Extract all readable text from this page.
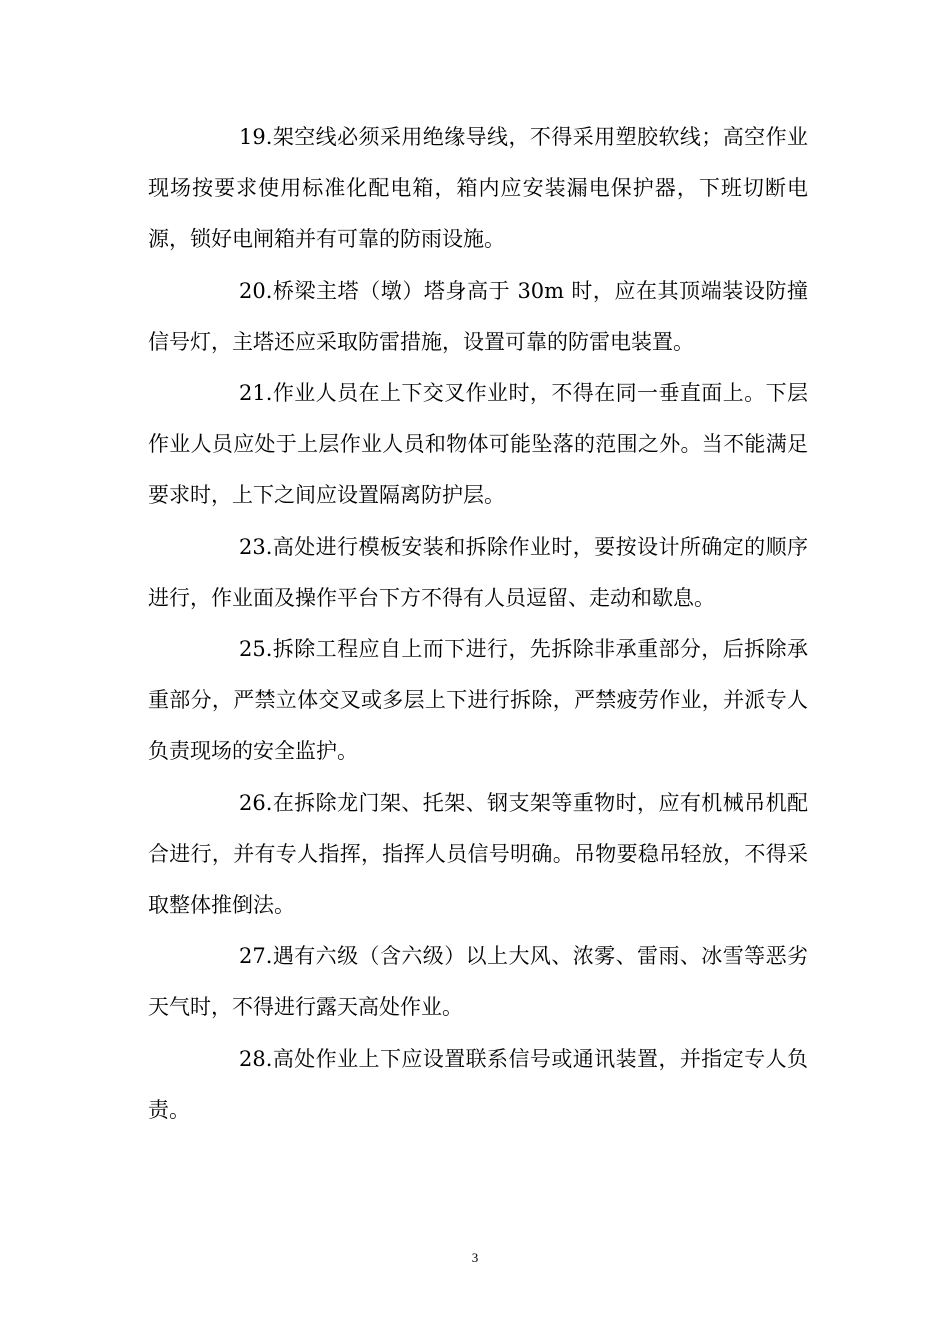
19.架空线必须采用绝缘导线，不得采用塑胶软线；高空作业现场按要求使用标准化配电箱，箱内应安装漏电保护器，下班切断电源，锁好电闸箱并有可靠的防雨设施。

20.桥梁主塔（墩）塔身高于 30m 时，应在其顶端装设防撞信号灯，主塔还应采取防雷措施，设置可靠的防雷电装置。

21.作业人员在上下交叉作业时，不得在同一垂直面上。下层作业人员应处于上层作业人员和物体可能坠落的范围之外。当不能满足要求时，上下之间应设置隔离防护层。

23.高处进行模板安装和拆除作业时，要按设计所确定的顺序进行，作业面及操作平台下方不得有人员逗留、走动和歇息。

25.拆除工程应自上而下进行，先拆除非承重部分，后拆除承重部分，严禁立体交叉或多层上下进行拆除，严禁疲劳作业，并派专人负责现场的安全监护。

26.在拆除龙门架、托架、钢支架等重物时，应有机械吊机配合进行，并有专人指挥，指挥人员信号明确。吊物要稳吊轻放，不得采取整体推倒法。

27.遇有六级（含六级）以上大风、浓雾、雷雨、冰雪等恶劣天气时，不得进行露天高处作业。

28.高处作业上下应设置联系信号或通讯装置，并指定专人负责。

3
